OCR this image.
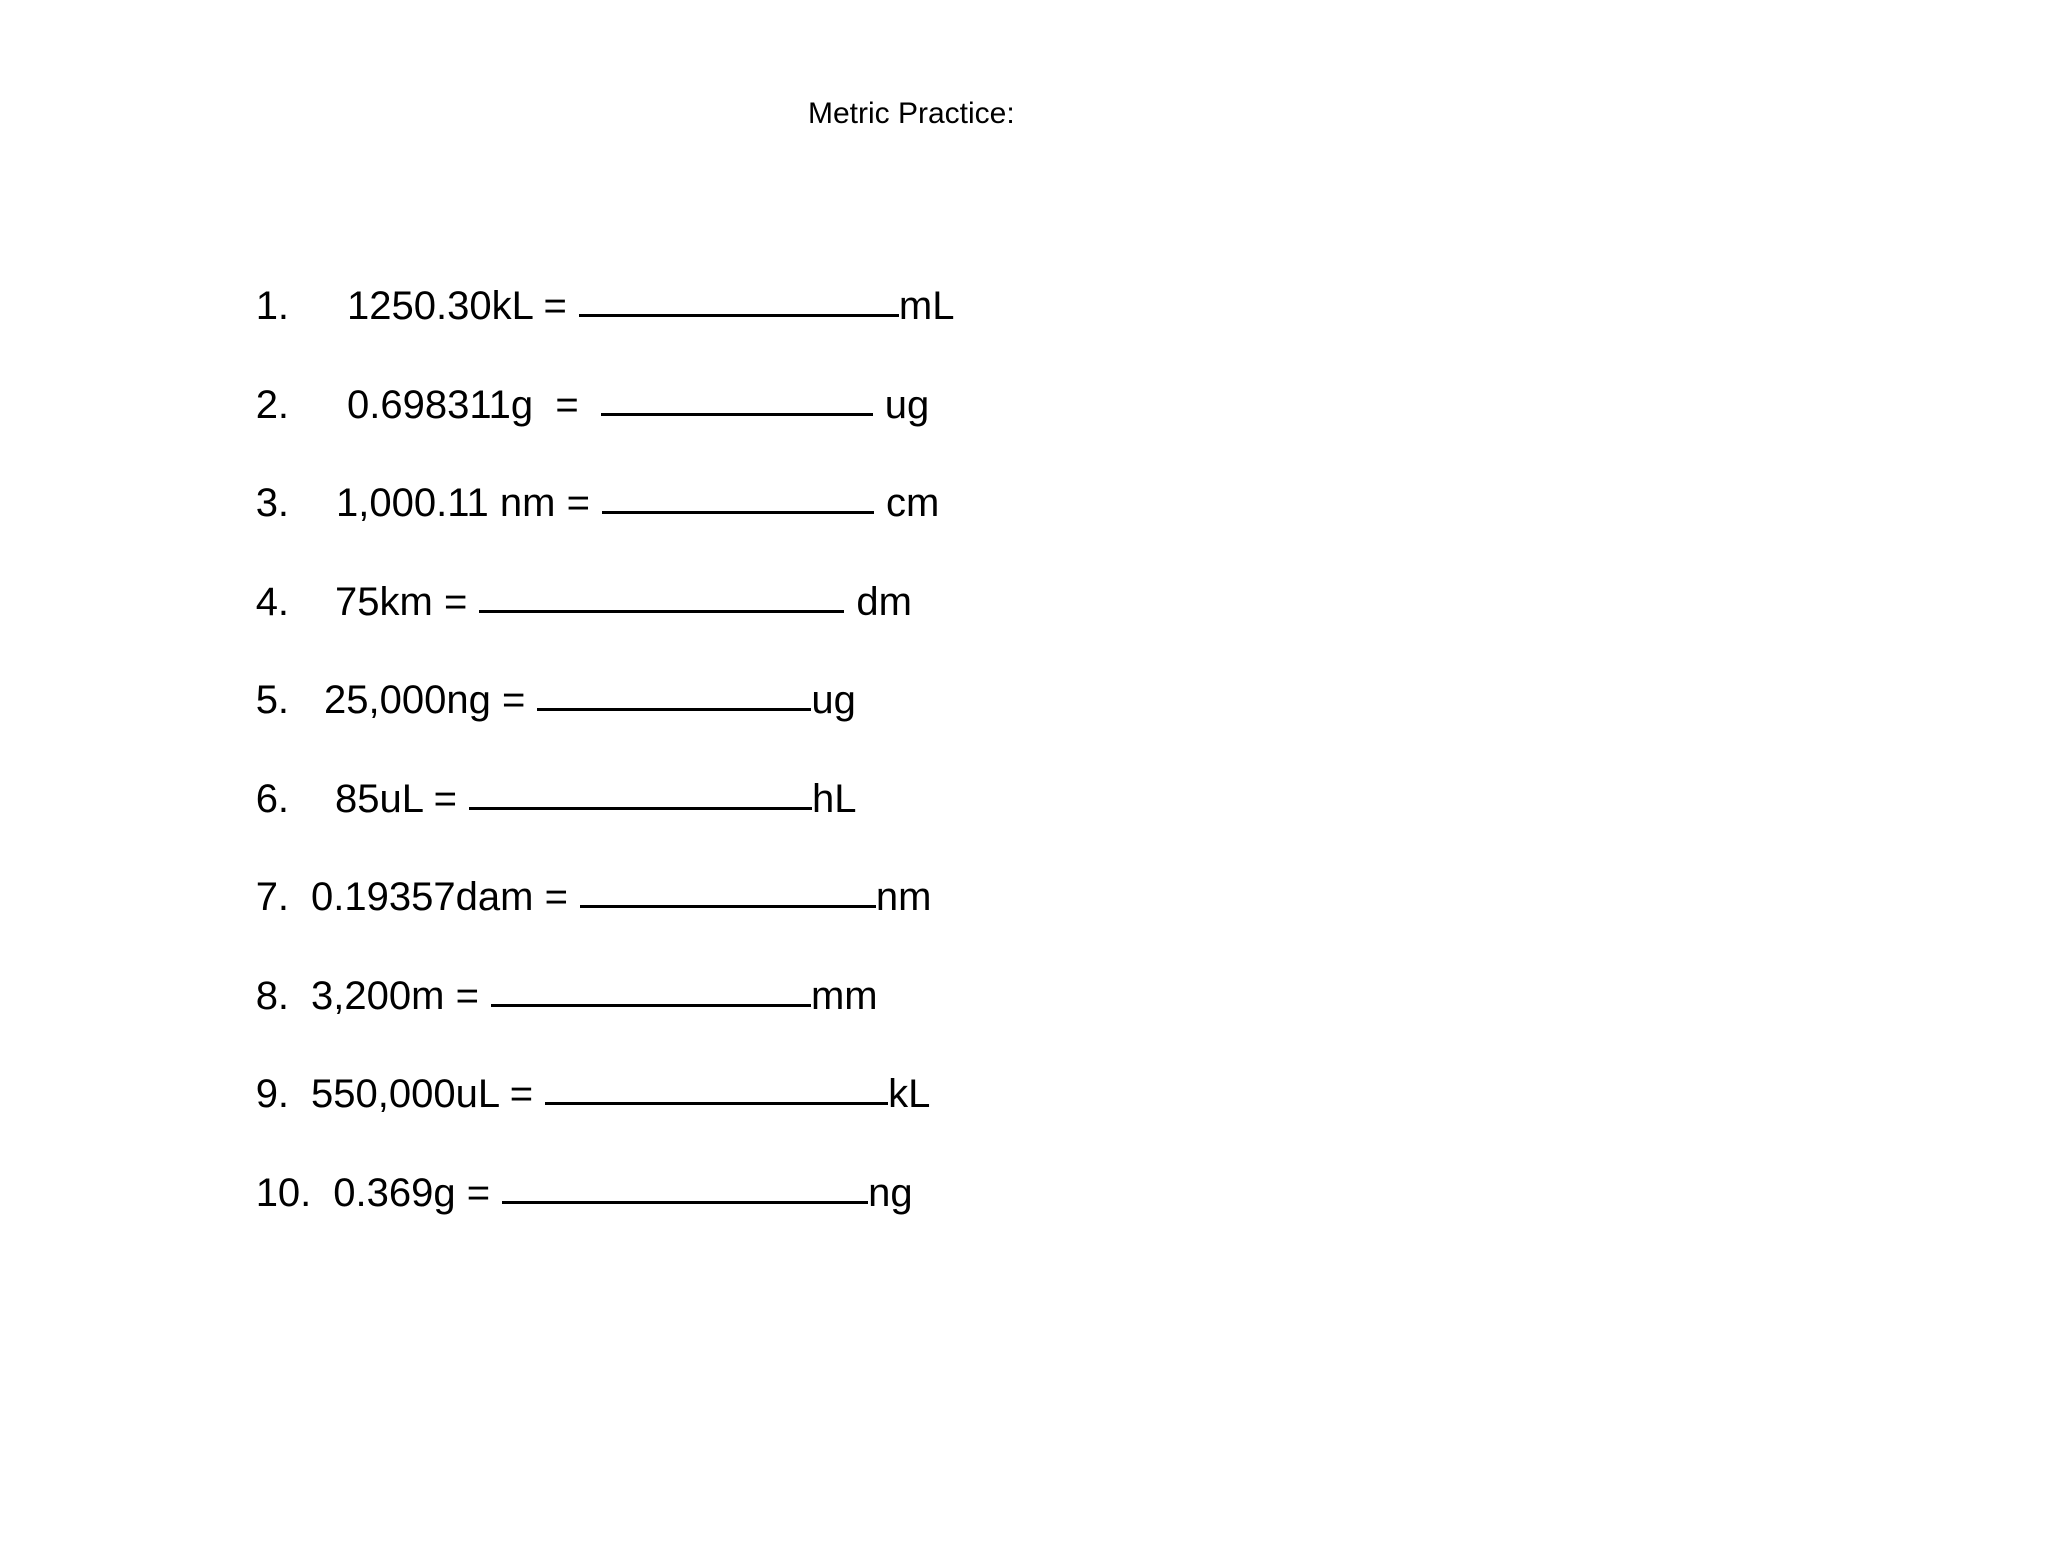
Metric Practice:

1. 1250.30kL =	mL

2. 0.698311g  =	ug

3. 1,000.11 nm =	cm

4. 75km =	dm

5. 25,000ng =	ug

6. 85uL =	hL

7. 0.19357dam =	nm

8. 3,200m =	mm

9. 550,000uL =	kL

10. 0.369g =	ng
